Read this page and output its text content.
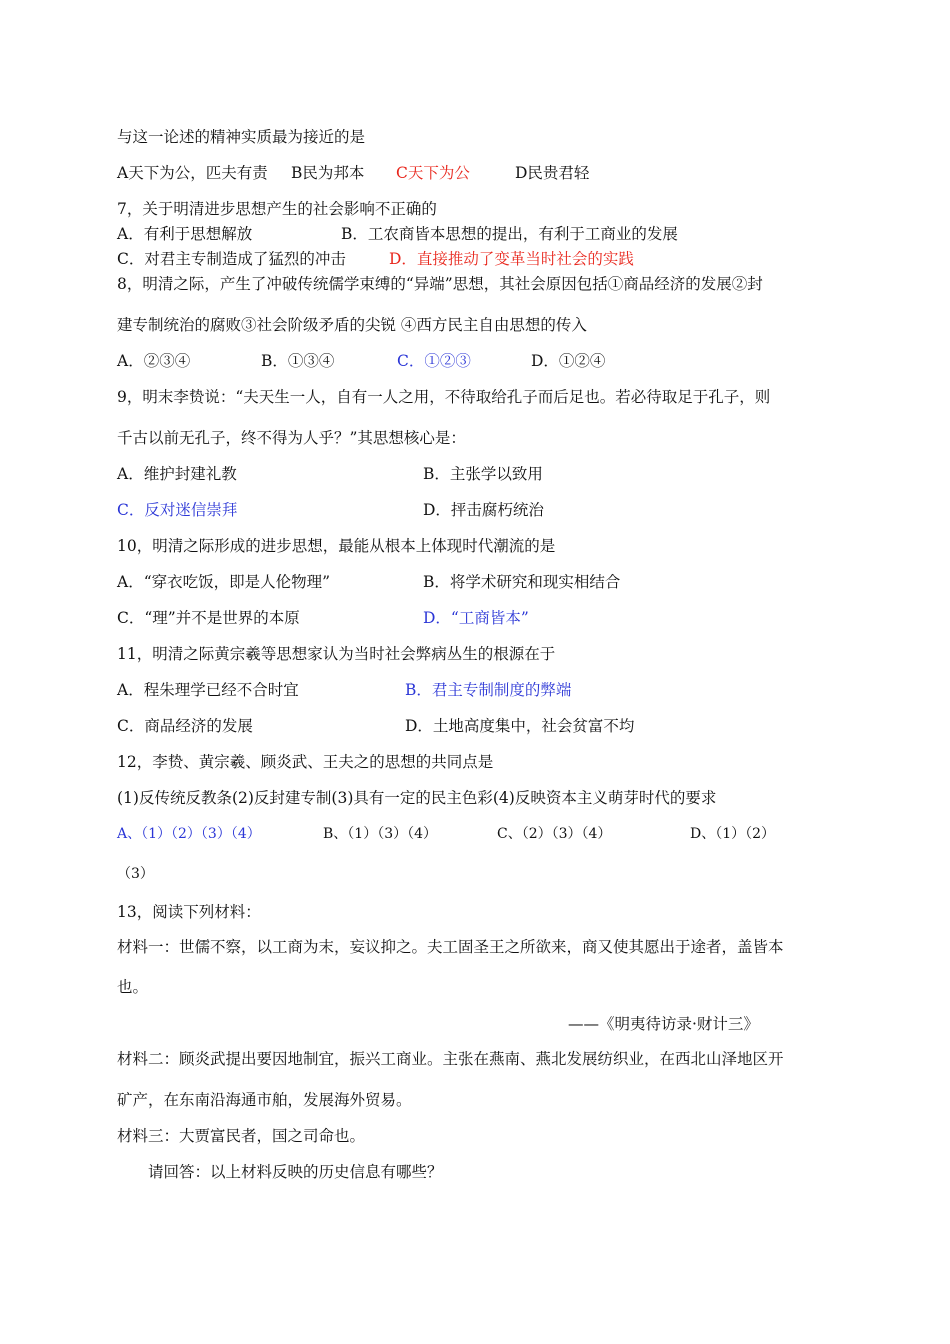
与这一论述的精神实质最为接近的是
A天下为公，匹夫有责 B民为邦本 C天下为公	D民贵君轻
7，关于明清进步思想产生的社会影响不正确的
A．有利于思想解放	B．工农商皆本思想的提出，有利于工商业的发展
C．对君主专制造成了猛烈的冲击	D．直接推动了变革当时社会的实践
8，明清之际，产生了冲破传统儒学束缚的“异端”思想，其社会原因包括①商品经济的发展②封
建专制统治的腐败③社会阶级矛盾的尖锐 ④西方民主自由思想的传入
A．②③④	B．①③④	C．①②③	D．①②④
9，明末李贽说：“夫天生一人，自有一人之用，不待取给孔子而后足也。若必待取足于孔子，则
千古以前无孔子，终不得为人乎？”其思想核心是：
A．维护封建礼教	B．主张学以致用
C．反对迷信崇拜	D．抨击腐朽统治
10，明清之际形成的进步思想，最能从根本上体现时代潮流的是
A．“穿衣吃饭，即是人伦物理”	B．将学术研究和现实相结合
C．“理”并不是世界的本原	D．“工商皆本”
11，明清之际黄宗羲等思想家认为当时社会弊病丛生的根源在于
A．程朱理学已经不合时宜	B．君主专制制度的弊端
C．商品经济的发展	D．土地高度集中，社会贫富不均
12，李贽、黄宗羲、顾炎武、王夫之的思想的共同点是
(1)反传统反教条(2)反封建专制(3)具有一定的民主色彩(4)反映资本主义萌芽时代的要求
A、（1）（2）（3）（4）	B、（1）（3）（4）	C、（2）（3）（4）	D、（1）（2）
（3）
13，阅读下列材料：
材料一：世儒不察，以工商为末，妄议抑之。夫工固圣王之所欲来，商又使其愿出于途者，盖皆本
也。
——《明夷待访录·财计三》
材料二：顾炎武提出要因地制宜，振兴工商业。主张在燕南、燕北发展纺织业，在西北山泽地区开
矿产，在东南沿海通市舶，发展海外贸易。
材料三：大贾富民者，国之司命也。
请回答：以上材料反映的历史信息有哪些？
